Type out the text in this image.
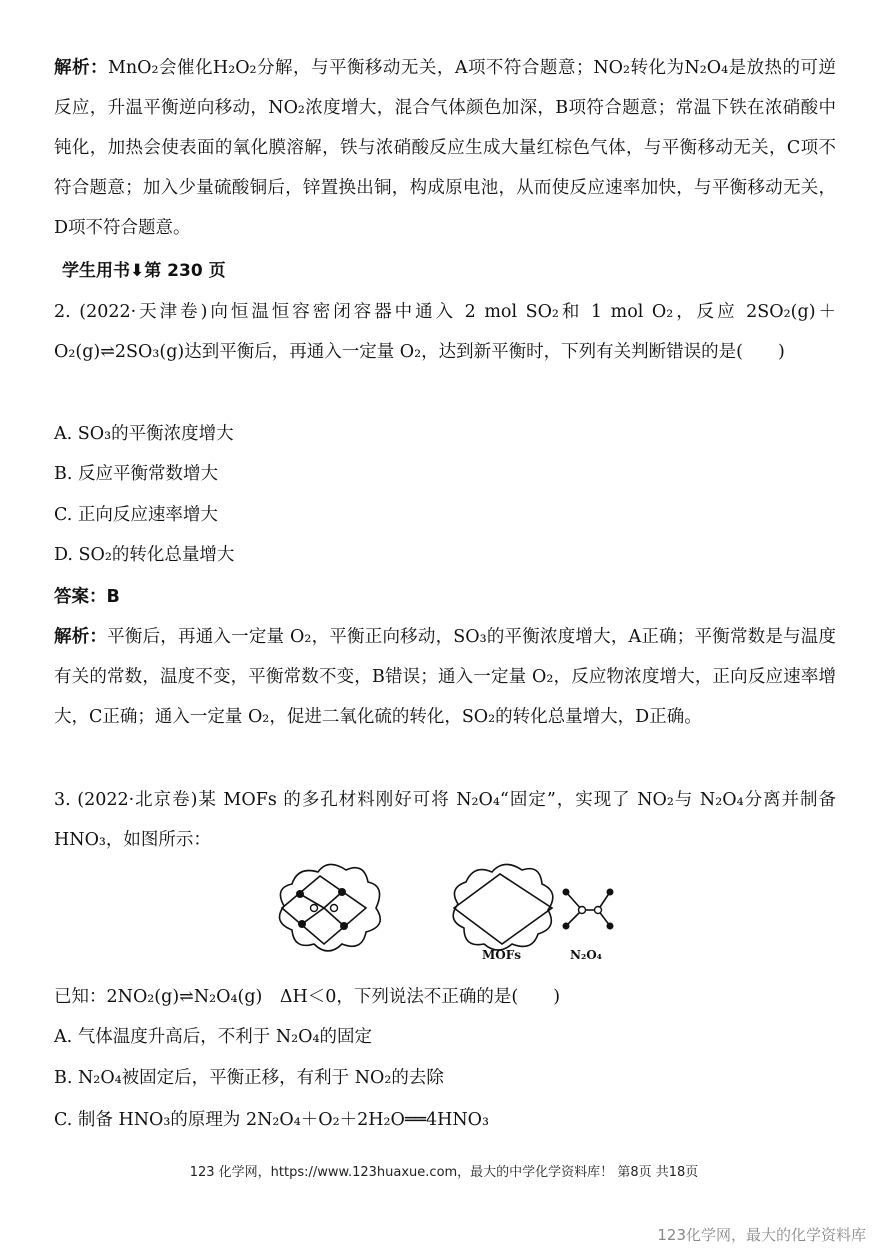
解析：MnO₂会催化H₂O₂分解，与平衡移动无关，A项不符合题意；NO₂转化为N₂O₄是放热的可逆反应，升温平衡逆向移动，NO₂浓度增大，混合气体颜色加深，B项符合题意；常温下铁在浓硝酸中钝化，加热会使表面的氧化膜溶解，铁与浓硝酸反应生成大量红棕色气体，与平衡移动无关，C项不符合题意；加入少量硫酸铜后，锌置换出铜，构成原电池，从而使反应速率加快，与平衡移动无关，D项不符合题意。

学生用书⬇第 230 页

2. (2022·天津卷)向恒温恒容密闭容器中通入 2 mol SO₂和 1 mol O₂，反应 2SO₂(g)＋O₂(g)⇌2SO₃(g)达到平衡后，再通入一定量 O₂，达到新平衡时，下列有关判断错误的是(　　)

A. SO₃的平衡浓度增大

B. 反应平衡常数增大

C. 正向反应速率增大

D. SO₂的转化总量增大

答案：B

解析：平衡后，再通入一定量 O₂，平衡正向移动，SO₃的平衡浓度增大，A正确；平衡常数是与温度有关的常数，温度不变，平衡常数不变，B错误；通入一定量 O₂，反应物浓度增大，正向反应速率增大，C正确；通入一定量 O₂，促进二氧化硫的转化，SO₂的转化总量增大，D正确。

3. (2022·北京卷)某 MOFs 的多孔材料刚好可将 N₂O₄“固定”，实现了 NO₂与 N₂O₄分离并制备 HNO₃，如图所示：

MOFs	N₂O₄

已知：2NO₂(g)⇌N₂O₄(g)　ΔH＜0，下列说法不正确的是(　　)

A. 气体温度升高后，不利于 N₂O₄的固定

B. N₂O₄被固定后，平衡正移，有利于 NO₂的去除

C. 制备 HNO₃的原理为 2N₂O₄＋O₂＋2H₂O══4HNO₃

123 化学网，https://www.123huaxue.com，最大的中学化学资料库！ 第8页 共18页
123化学网，最大的化学资料库
